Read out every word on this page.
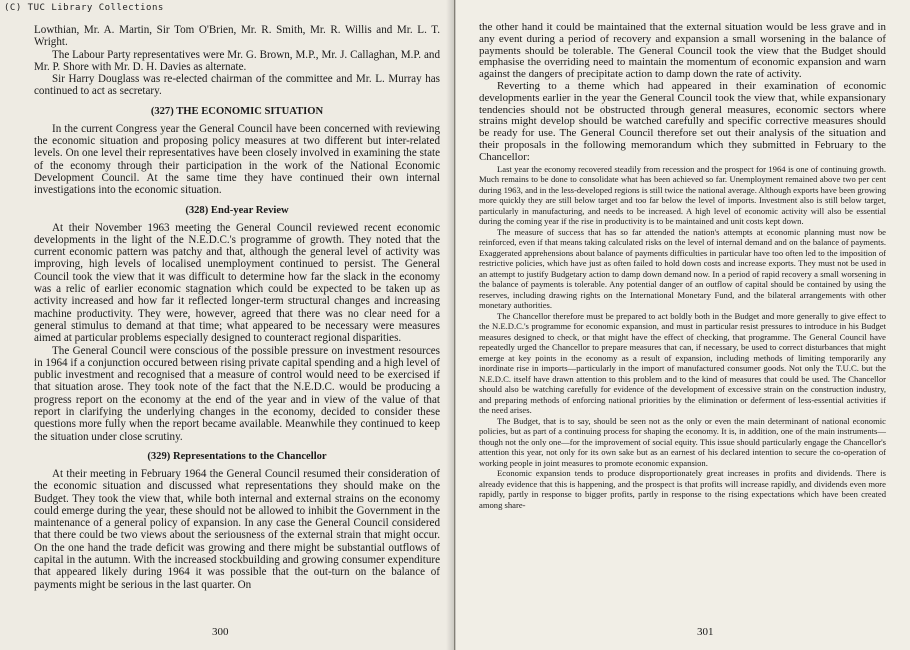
(C) TUC Library Collections

Lowthian, Mr. A. Martin, Sir Tom O'Brien, Mr. R. Smith, Mr. R. Willis and Mr. L. T. Wright.

The Labour Party representatives were Mr. G. Brown, M.P., Mr. J. Callaghan, M.P. and Mr. P. Shore with Mr. D. H. Davies as alternate.

Sir Harry Douglass was re-elected chairman of the committee and Mr. L. Murray has continued to act as secretary.

(327) THE ECONOMIC SITUATION

In the current Congress year the General Council have been concerned with reviewing the economic situation and proposing policy measures at two different but inter-related levels. On one level their representatives have been closely involved in examining the state of the economy through their participation in the work of the National Economic Development Council. At the same time they have continued their own internal investigations into the economic situation.

(328) End-year Review

At their November 1963 meeting the General Council reviewed recent economic developments in the light of the N.E.D.C.'s programme of growth. They noted that the current economic pattern was patchy and that, although the general level of activity was improving, high levels of localised unemployment continued to persist. The General Council took the view that it was difficult to determine how far the slack in the economy was a relic of earlier economic stagnation which could be expected to be taken up as activity increased and how far it reflected longer-term structural changes and increasing machine productivity. They were, however, agreed that there was no clear need for a general stimulus to demand at that time; what appeared to be necessary were measures aimed at particular problems especially designed to counteract regional disparities.

The General Council were conscious of the possible pressure on investment resources in 1964 if a conjunction occured between rising private capital spending and a high level of public investment and recognised that a measure of control would need to be exercised if that situation arose. They took note of the fact that the N.E.D.C. would be producing a progress report on the economy at the end of the year and in view of the value of that report in clarifying the underlying changes in the economy, decided to consider these questions more fully when the report became available. Meanwhile they continued to keep the situation under close scrutiny.

(329) Representations to the Chancellor

At their meeting in February 1964 the General Council resumed their consideration of the economic situation and discussed what representations they should make on the Budget. They took the view that, while both internal and external strains on the economy could emerge during the year, these should not be allowed to inhibit the Government in the maintenance of a general policy of expansion. In any case the General Council considered that there could be two views about the seriousness of the external strain that might occur. On the one hand the trade deficit was growing and there might be substantial outflows of capital in the autumn. With the increased stockbuilding and growing consumer expenditure that appeared likely during 1964 it was possible that the out-turn on the balance of payments might be serious in the last quarter. On

300

the other hand it could be maintained that the external situation would be less grave and in any event during a period of recovery and expansion a small worsening in the balance of payments should be tolerable. The General Council took the view that the Budget should emphasise the overriding need to maintain the momentum of economic expansion and warn against the dangers of precipitate action to damp down the rate of activity.

Reverting to a theme which had appeared in their examination of economic developments earlier in the year the General Council took the view that, while expansionary tendencies should not be obstructed through general measures, economic sectors where strains might develop should be watched carefully and specific corrective measures should be ready for use. The General Council therefore set out their analysis of the situation and their proposals in the following memorandum which they submitted in February to the Chancellor:

Last year the economy recovered steadily from recession and the prospect for 1964 is one of continuing growth. Much remains to be done to consolidate what has been achieved so far. Unemployment remained above two per cent during 1963, and in the less-developed regions is still twice the national average. Although exports have been growing more quickly they are still below target and too far below the level of imports. Investment also is still below target, particularly in manufacturing, and needs to be increased. A high level of economic activity will also be essential during the coming year if the rise in productivity is to be maintained and unit costs kept down.

The measure of success that has so far attended the nation's attempts at economic planning must now be reinforced, even if that means taking calculated risks on the level of internal demand and on the balance of payments. Exaggerated apprehensions about balance of payments difficulties in particular have too often led to the imposition of restrictive policies, which have just as often failed to hold down costs and increase exports. They must not be used in an attempt to justify Budgetary action to damp down demand now. In a period of rapid recovery a small worsening in the balance of payments is tolerable. Any potential danger of an outflow of capital should be contained by using the reserves, including drawing rights on the International Monetary Fund, and the bilateral arrangements with other monetary authorities.

The Chancellor therefore must be prepared to act boldly both in the Budget and more generally to give effect to the N.E.D.C.'s programme for economic expansion, and must in particular resist pressures to introduce in his Budget measures designed to check, or that might have the effect of checking, that programme. The General Council have repeatedly urged the Chancellor to prepare measures that can, if necessary, be used to correct disturbances that might emerge at key points in the economy as a result of expansion, including methods of limiting temporarily any inordinate rise in imports—particularly in the import of manufactured consumer goods. Not only the T.U.C. but the N.E.D.C. itself have drawn attention to this problem and to the kind of measures that could be used. The Chancellor should also be watching carefully for evidence of the development of excessive strain on the construction industry, and preparing methods of enforcing national priorities by the elimination or deferment of less-essential activities if the need arises.

The Budget, that is to say, should be seen not as the only or even the main determinant of national economic policies, but as part of a continuing process for shaping the economy. It is, in addition, one of the main instruments—though not the only one—for the improvement of social equity. This issue should particularly engage the Chancellor's attention this year, not only for its own sake but as an earnest of his declared intention to secure the co-operation of working people in joint measures to promote economic expansion.

Economic expansion tends to produce disproportionately great increases in profits and dividends. There is already evidence that this is happening, and the prospect is that profits will increase rapidly, and dividends even more rapidly, partly in response to bigger profits, partly in response to the rising expectations which have been created among share-

301
